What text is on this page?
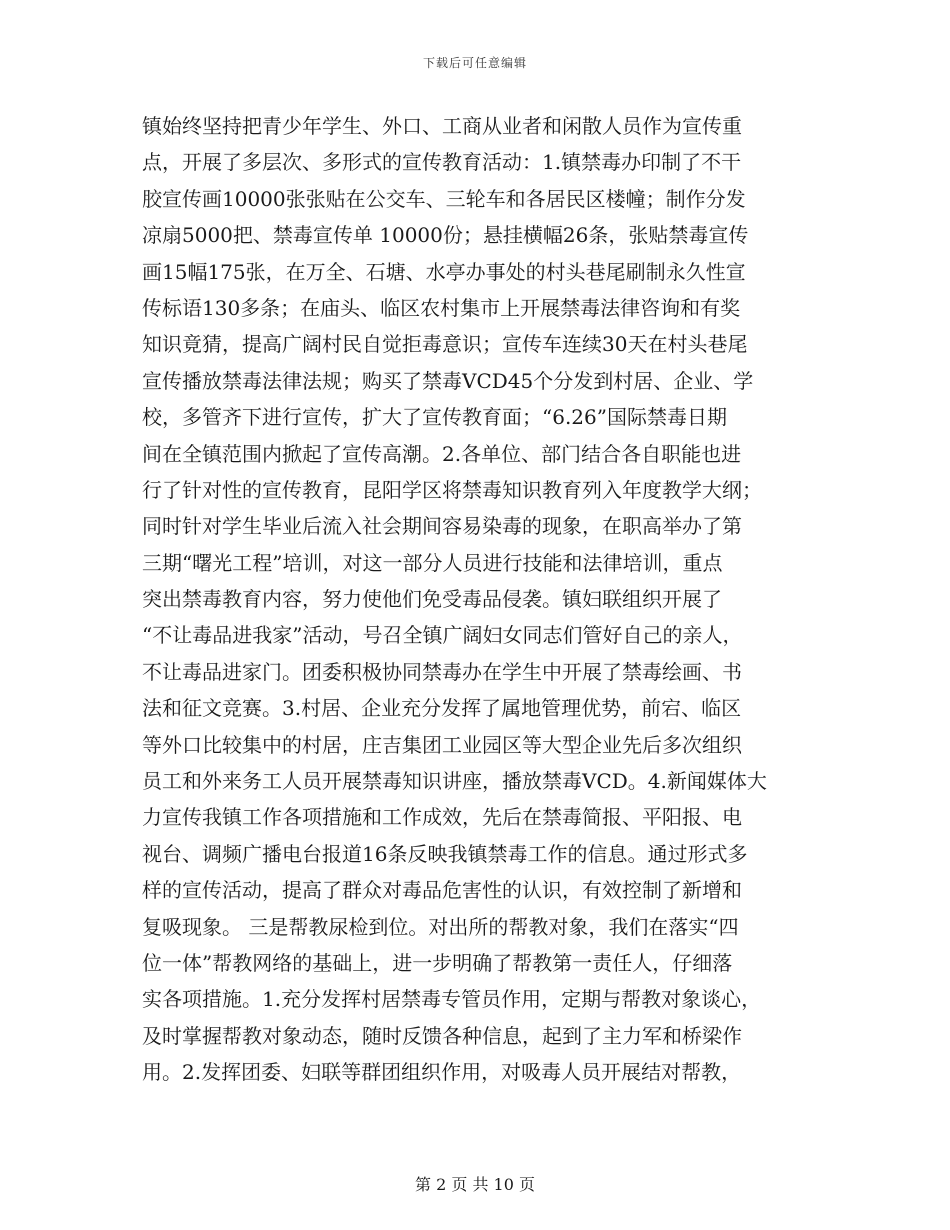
下载后可任意编辑
镇始终坚持把青少年学生、外口、工商从业者和闲散人员作为宣传重
点，开展了多层次、多形式的宣传教育活动：1.镇禁毒办印制了不干
胶宣传画10000张张贴在公交车、三轮车和各居民区楼幢；制作分发
凉扇5000把、禁毒宣传单 10000份；悬挂横幅26条，张贴禁毒宣传
画15幅175张，在万全、石塘、水亭办事处的村头巷尾刷制永久性宣
传标语130多条；在庙头、临区农村集市上开展禁毒法律咨询和有奖
知识竟猜，提高广阔村民自觉拒毒意识；宣传车连续30天在村头巷尾
宣传播放禁毒法律法规；购买了禁毒VCD45个分发到村居、企业、学
校，多管齐下进行宣传，扩大了宣传教育面；“6.26”国际禁毒日期
间在全镇范围内掀起了宣传高潮。2.各单位、部门结合各自职能也进
行了针对性的宣传教育，昆阳学区将禁毒知识教育列入年度教学大纲；
同时针对学生毕业后流入社会期间容易染毒的现象，在职高举办了第
三期“曙光工程”培训，对这一部分人员进行技能和法律培训，重点
突出禁毒教育内容，努力使他们免受毒品侵袭。镇妇联组织开展了
“不让毒品进我家”活动，号召全镇广阔妇女同志们管好自己的亲人，
不让毒品进家门。团委积极协同禁毒办在学生中开展了禁毒绘画、书
法和征文竞赛。3.村居、企业充分发挥了属地管理优势，前宕、临区
等外口比较集中的村居，庄吉集团工业园区等大型企业先后多次组织
员工和外来务工人员开展禁毒知识讲座，播放禁毒VCD。4.新闻媒体大
力宣传我镇工作各项措施和工作成效，先后在禁毒简报、平阳报、电
视台、调频广播电台报道16条反映我镇禁毒工作的信息。通过形式多
样的宣传活动，提高了群众对毒品危害性的认识，有效控制了新增和
复吸现象。 三是帮教尿检到位。对出所的帮教对象，我们在落实“四
位一体”帮教网络的基础上，进一步明确了帮教第一责任人，仔细落
实各项措施。1.充分发挥村居禁毒专管员作用，定期与帮教对象谈心，
及时掌握帮教对象动态，随时反馈各种信息，起到了主力军和桥梁作
用。2.发挥团委、妇联等群团组织作用，对吸毒人员开展结对帮教，
第 2 页 共 10 页
